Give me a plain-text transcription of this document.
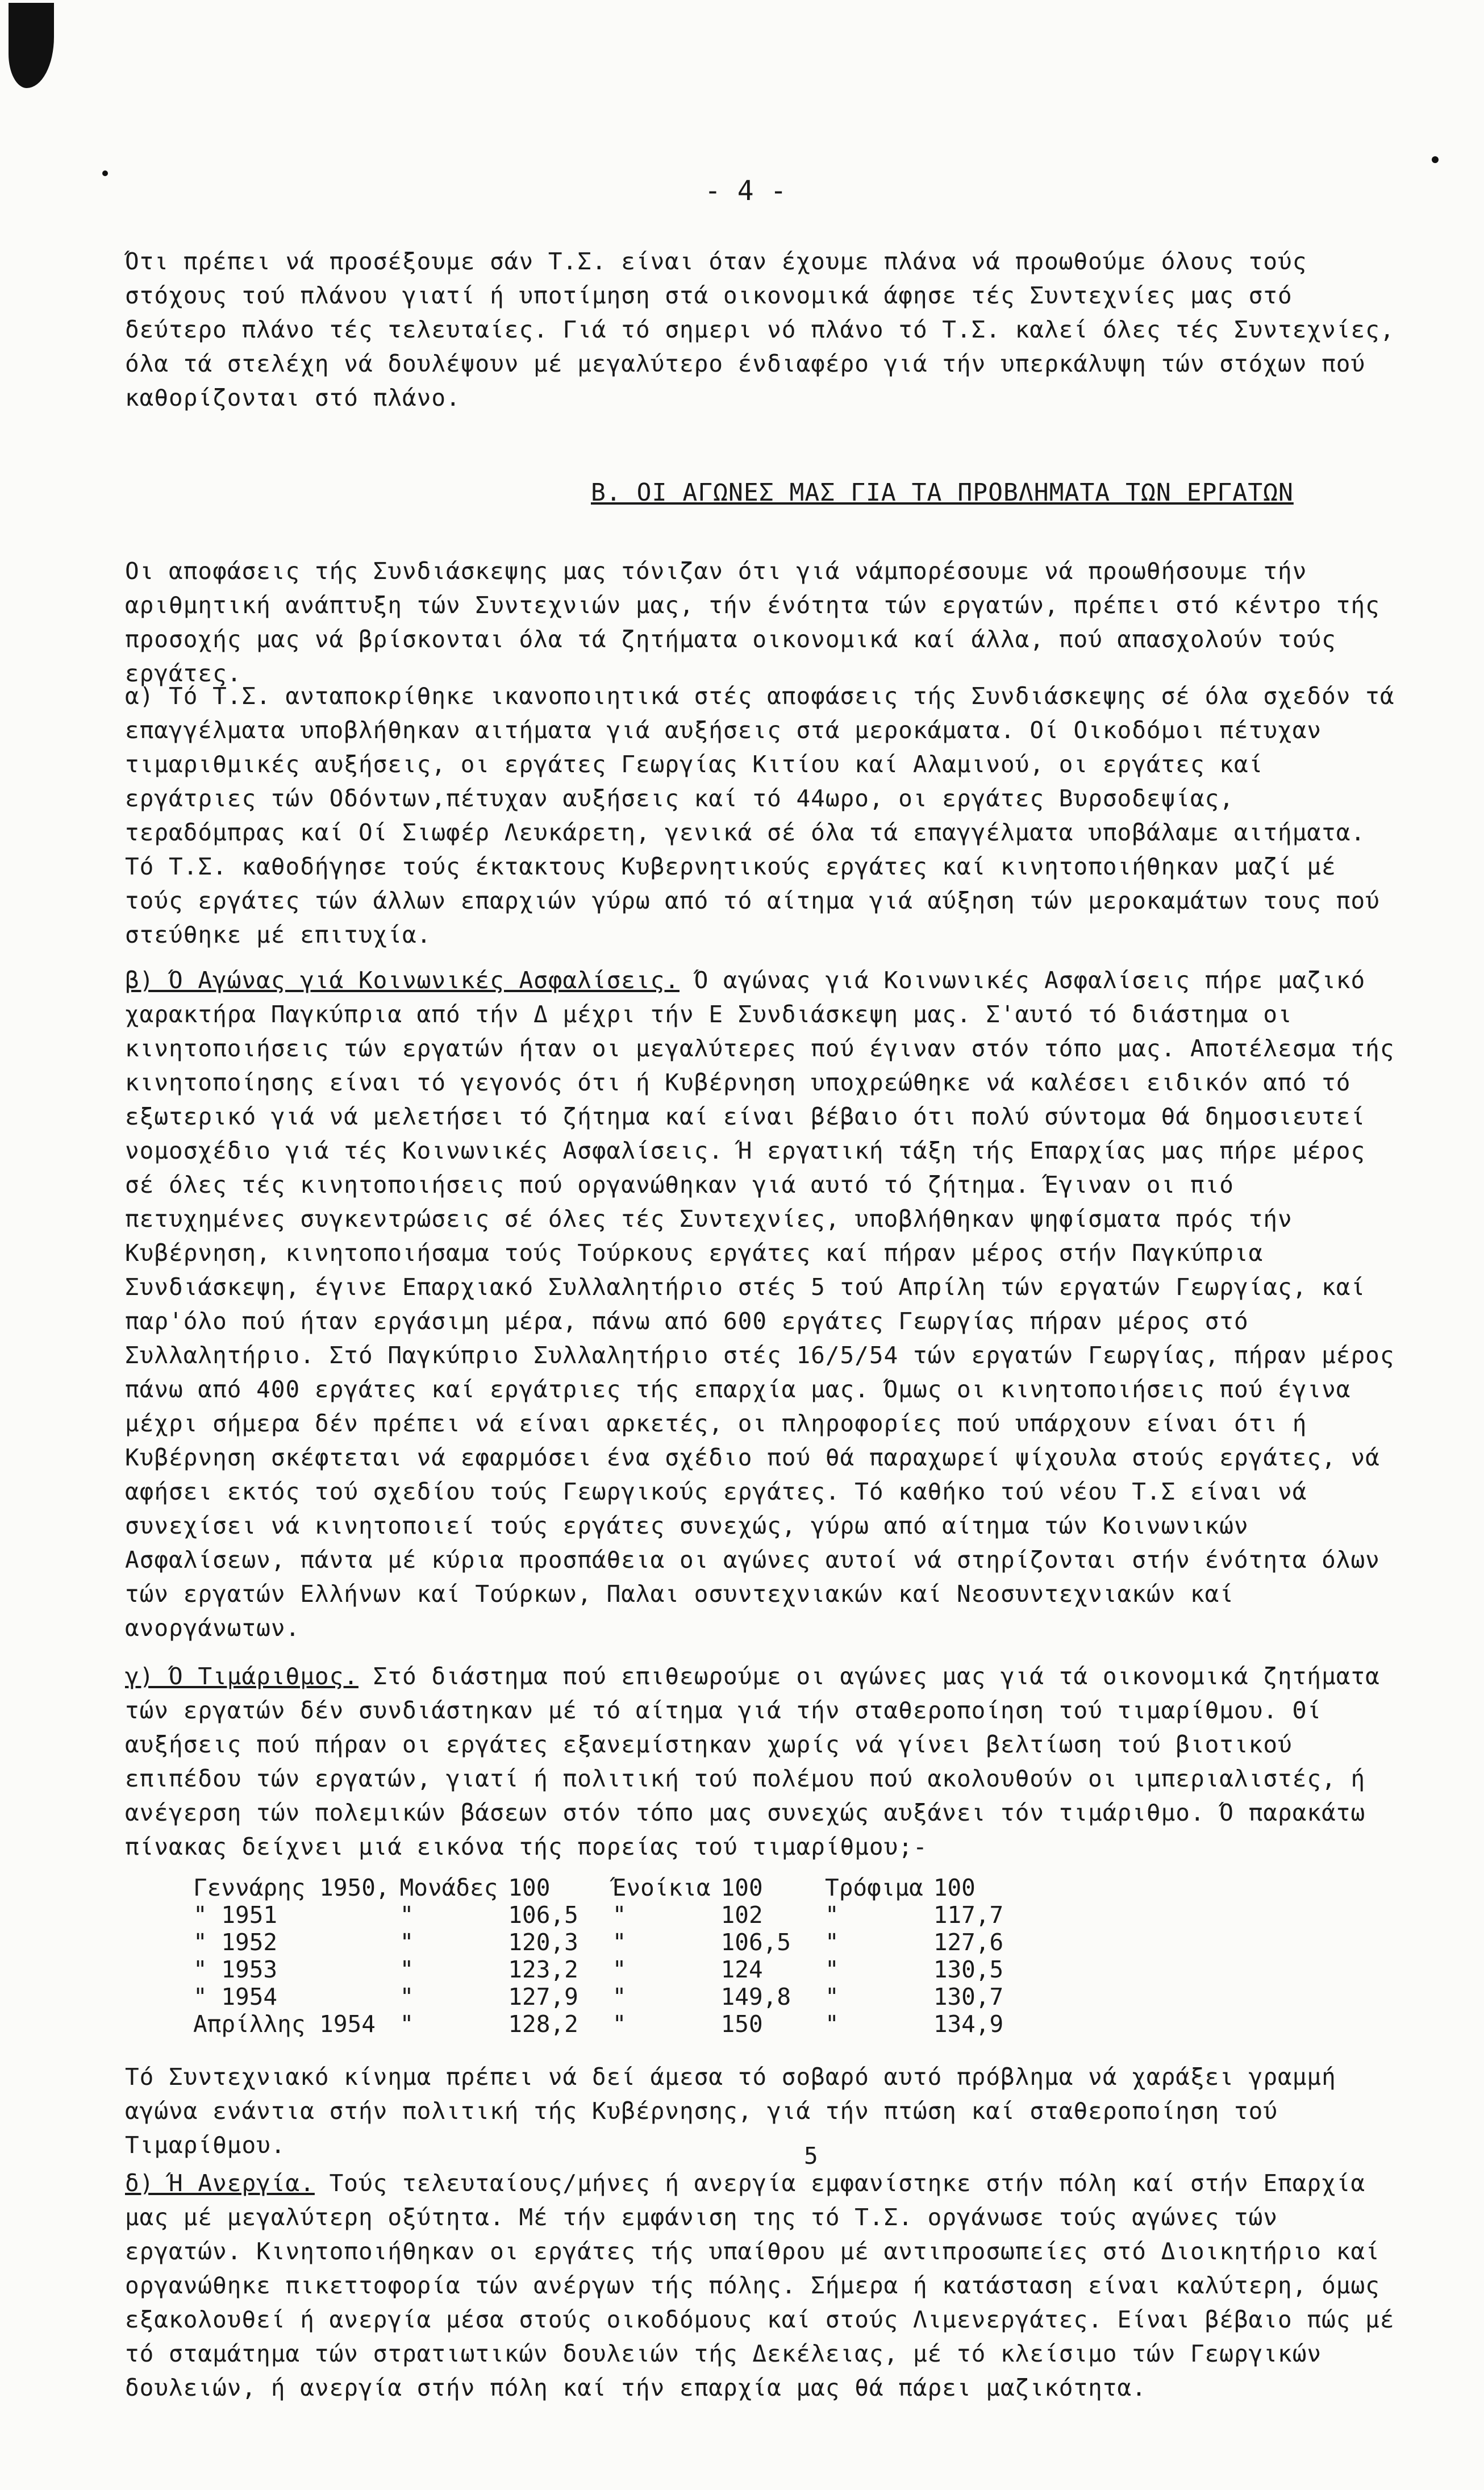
- 4 -
Ότι πρέπει νά προσέξουμε σάν Τ.Σ. είναι όταν έχουμε πλάνα νά προωθούμε όλους τούς στόχους τού πλάνου γιατί ή υποτίμηση στά οικονομικά άφησε τές Συντεχνίες μας στό δεύτερο πλάνο τές τελευταίες. Γιά τό σημερι νό πλάνο τό Τ.Σ. καλεί όλες τές Συντεχνίες, όλα τά στελέχη νά δουλέψουν μέ μεγαλύτερο ένδιαφέρο γιά τήν υπερκάλυψη τών στόχων πού καθορίζονται στό πλάνο.
Β. ΟΙ ΑΓΩΝΕΣ ΜΑΣ ΓΙΑ ΤΑ ΠΡΟΒΛΗΜΑΤΑ ΤΩΝ ΕΡΓΑΤΩΝ
Οι αποφάσεις τής Συνδιάσκεψης μας τόνιζαν ότι γιά νάμπορέσουμε νά προωθήσουμε τήν αριθμητική ανάπτυξη τών Συντεχνιών μας, τήν ένότητα τών εργατών, πρέπει στό κέντρο τής προσοχής μας νά βρίσκονται όλα τά ζητήματα οικονομικά καί άλλα, πού απασχολούν τούς εργάτες.
α) Τό Τ.Σ. ανταποκρίθηκε ικανοποιητικά στές αποφάσεις τής Συνδιάσκεψης σέ όλα σχεδόν τά επαγγέλματα υποβλήθηκαν αιτήματα γιά αυξήσεις στά μεροκάματα. Οί Οικοδόμοι πέτυχαν τιμαριθμικές αυξήσεις, οι εργάτες Γεωργίας Κιτίου καί Αλαμινού, οι εργάτες καί εργάτριες τών Οδόντων,πέτυχαν αυξήσεις καί τό 44ωρο, οι εργάτες Βυρσοδεψίας, τεραδόμπρας καί Οί Σιωφέρ Λευκάρετη, γενικά σέ όλα τά επαγγέλματα υποβάλαμε αιτήματα. Τό Τ.Σ. καθοδήγησε τούς έκτακτους Κυβερνητικούς εργάτες καί κινητοποιήθηκαν μαζί μέ τούς εργάτες τών άλλων επαρχιών γύρω από τό αίτημα γιά αύξηση τών μεροκαμάτων τους πού στεύθηκε μέ επιτυχία.
β) Ό Αγώνας γιά Κοινωνικές Ασφαλίσεις. Ό αγώνας γιά Κοινωνικές Ασφαλίσεις πήρε μαζικό χαρακτήρα Παγκύπρια από τήν Δ μέχρι τήν Ε Συνδιάσκεψη μας. Σ'αυτό τό διάστημα οι κινητοποιήσεις τών εργατών ήταν οι μεγαλύτερες πού έγιναν στόν τόπο μας. Αποτέλεσμα τής κινητοποίησης είναι τό γεγονός ότι ή Κυβέρνηση υποχρεώθηκε νά καλέσει ειδικόν από τό εξωτερικό γιά νά μελετήσει τό ζήτημα καί είναι βέβαιο ότι πολύ σύντομα θά δημοσιευτεί νομοσχέδιο γιά τές Κοινωνικές Ασφαλίσεις. Ή εργατική τάξη τής Επαρχίας μας πήρε μέρος σέ όλες τές κινητοποιήσεις πού οργανώθηκαν γιά αυτό τό ζήτημα. Έγιναν οι πιό πετυχημένες συγκεντρώσεις σέ όλες τές Συντεχνίες, υποβλήθηκαν ψηφίσματα πρός τήν Κυβέρνηση, κινητοποιήσαμα τούς Τούρκους εργάτες καί πήραν μέρος στήν Παγκύπρια Συνδιάσκεψη, έγινε Επαρχιακό Συλλαλητήριο στές 5 τού Απρίλη τών εργατών Γεωργίας, καί παρ'όλο πού ήταν εργάσιμη μέρα, πάνω από 600 εργάτες Γεωργίας πήραν μέρος στό Συλλαλητήριο. Στό Παγκύπριο Συλλαλητήριο στές 16/5/54 τών εργατών Γεωργίας, πήραν μέρος πάνω από 400 εργάτες καί εργάτριες τής επαρχία μας. Όμως οι κινητοποιήσεις πού έγινα μέχρι σήμερα δέν πρέπει νά είναι αρκετές, οι πληροφορίες πού υπάρχουν είναι ότι ή Κυβέρνηση σκέφτεται νά εφαρμόσει ένα σχέδιο πού θά παραχωρεί ψίχουλα στούς εργάτες, νά αφήσει εκτός τού σχεδίου τούς Γεωργικούς εργάτες. Τό καθήκο τού νέου Τ.Σ είναι νά συνεχίσει νά κινητοποιεί τούς εργάτες συνεχώς, γύρω από αίτημα τών Κοινωνικών Ασφαλίσεων, πάντα μέ κύρια προσπάθεια οι αγώνες αυτοί νά στηρίζονται στήν ένότητα όλων τών εργατών Ελλήνων καί Τούρκων, Παλαι οσυντεχνιακών καί Νεοσυντεχνιακών καί ανοργάνωτων.
γ) Ό Τιμάριθμος. Στό διάστημα πού επιθεωρούμε οι αγώνες μας γιά τά οικονομικά ζητήματα τών εργατών δέν συνδιάστηκαν μέ τό αίτημα γιά τήν σταθεροποίηση τού τιμαρίθμου. Θί αυξήσεις πού πήραν οι εργάτες εξανεμίστηκαν χωρίς νά γίνει βελτίωση τού βιοτικού επιπέδου τών εργατών, γιατί ή πολιτική τού πολέμου πού ακολουθούν οι ιμπεριαλιστές, ή ανέγερση τών πολεμικών βάσεων στόν τόπο μας συνεχώς αυξάνει τόν τιμάριθμο. Ό παρακάτω πίνακας δείχνει μιά εικόνα τής πορείας τού τιμαρίθμου;-
Γεννάρης 1950,	Μονάδες	100	Ένοίκια	100	Τρόφιμα	100
" 1951	"	106,5	"	102	"	117,7
" 1952	"	120,3	"	106,5	"	127,6
" 1953	"	123,2	"	124	"	130,5
" 1954	"	127,9	"	149,8	"	130,7
Απρίλλης 1954	"	128,2	"	150	"	134,9
Τό Συντεχνιακό κίνημα πρέπει νά δεί άμεσα τό σοβαρό αυτό πρόβλημα νά χαράξει γραμμή αγώνα ενάντια στήν πολιτική τής Κυβέρνησης, γιά τήν πτώση καί σταθεροποίηση τού Τιμαρίθμου.	5
δ) Ή Ανεργία. Τούς τελευταίους/μήνες ή ανεργία εμφανίστηκε στήν πόλη καί στήν Επαρχία μας μέ μεγαλύτερη οξύτητα. Μέ τήν εμφάνιση της τό Τ.Σ. οργάνωσε τούς αγώνες τών εργατών. Κινητοποιήθηκαν οι εργάτες τής υπαίθρου μέ αντιπροσωπείες στό Διοικητήριο καί οργανώθηκε πικεττοφορία τών ανέργων τής πόλης. Σήμερα ή κατάσταση είναι καλύτερη, όμως εξακολουθεί ή ανεργία μέσα στούς οικοδόμους καί στούς Λιμενεργάτες. Είναι βέβαιο πώς μέ τό σταμάτημα τών στρατιωτικών δουλειών τής Δεκέλειας, μέ τό κλείσιμο τών Γεωργικών δουλειών, ή ανεργία στήν πόλη καί τήν επαρχία μας θά πάρει μαζικότητα.
